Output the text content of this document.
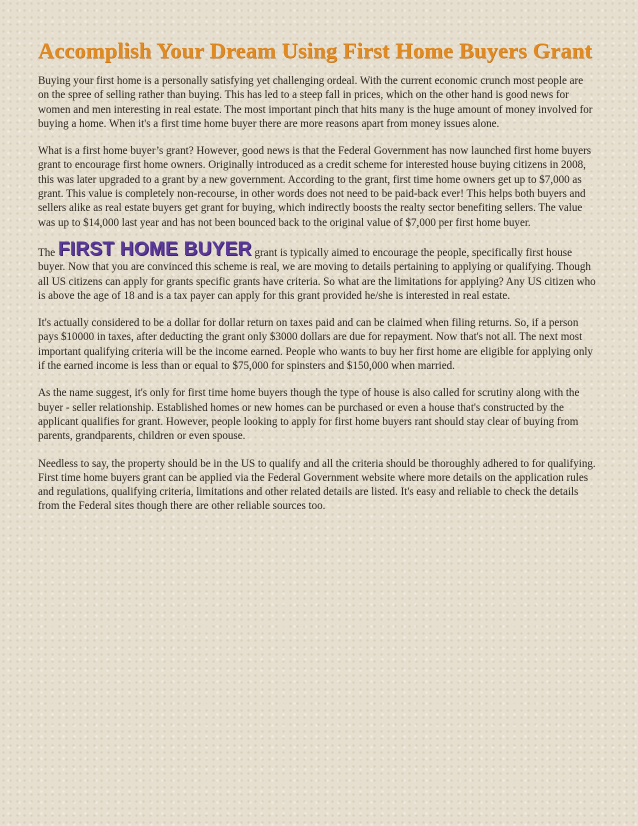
Accomplish Your Dream Using First Home Buyers Grant

Buying your first home is a personally satisfying yet challenging ordeal. With the current economic crunch most people are on the spree of selling rather than buying. This has led to a steep fall in prices, which on the other hand is good news for women and men interesting in real estate. The most important pinch that hits many is the huge amount of money involved for buying a home. When it's a first time home buyer there are more reasons apart from money issues alone.

What is a first home buyer’s grant? However, good news is that the Federal Government has now launched first home buyers grant to encourage first home owners. Originally introduced as a credit scheme for interested house buying citizens in 2008, this was later upgraded to a grant by a new government. According to the grant, first time home owners get up to $7,000 as grant. This value is completely non-recourse, in other words does not need to be paid-back ever! This helps both buyers and sellers alike as real estate buyers get grant for buying, which indirectly boosts the realty sector benefiting sellers. The value was up to $14,000 last year and has not been bounced back to the original value of $7,000 per first home buyer.

The FIRST HOME BUYER grant is typically aimed to encourage the people, specifically first house buyer. Now that you are convinced this scheme is real, we are moving to details pertaining to applying or qualifying. Though all US citizens can apply for grants specific grants have criteria. So what are the limitations for applying? Any US citizen who is above the age of 18 and is a tax payer can apply for this grant provided he/she is interested in real estate.

It's actually considered to be a dollar for dollar return on taxes paid and can be claimed when filing returns. So, if a person pays $10000 in taxes, after deducting the grant only $3000 dollars are due for repayment. Now that's not all. The next most important qualifying criteria will be the income earned. People who wants to buy her first home are eligible for applying only if the earned income is less than or equal to $75,000 for spinsters and $150,000 when married.

As the name suggest, it's only for first time home buyers though the type of house is also called for scrutiny along with the buyer - seller relationship. Established homes or new homes can be purchased or even a house that's constructed by the applicant qualifies for grant. However, people looking to apply for first home buyers rant should stay clear of buying from parents, grandparents, children or even spouse.

Needless to say, the property should be in the US to qualify and all the criteria should be thoroughly adhered to for qualifying. First time home buyers grant can be applied via the Federal Government website where more details on the application rules and regulations, qualifying criteria, limitations and other related details are listed. It's easy and reliable to check the details from the Federal sites though there are other reliable sources too.
